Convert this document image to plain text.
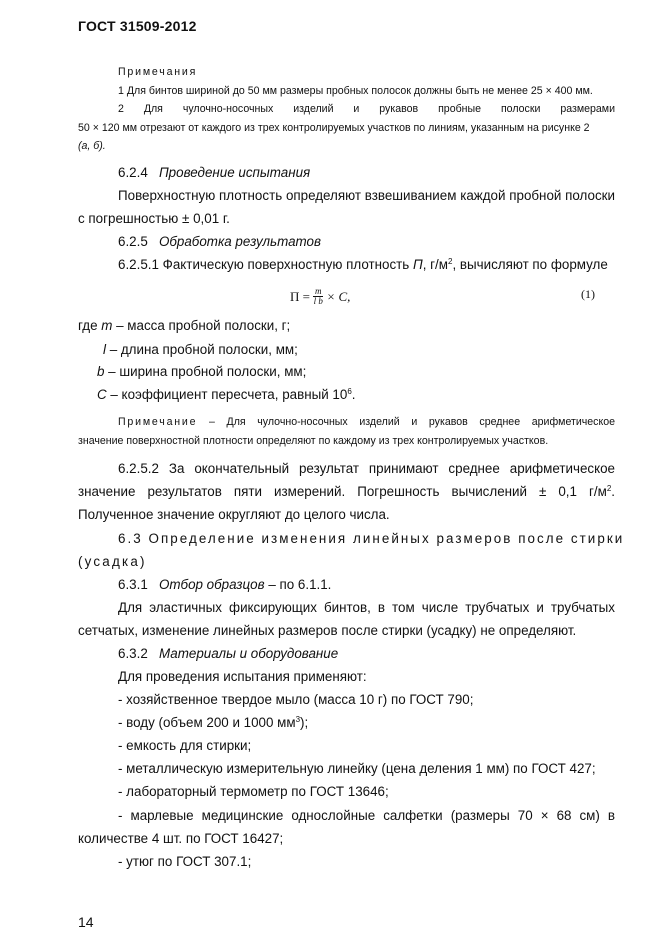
ГОСТ 31509-2012
Примечания
1 Для бинтов шириной до 50 мм размеры пробных полосок должны быть не менее 25 × 400 мм.
2 Для чулочно-носочных изделий и рукавов пробные полоски размерами
50 × 120 мм отрезают от каждого из трех контролируемых участков по линиям, указанным на рисунке 2
(а, б).
6.2.4 Проведение испытания
Поверхностную плотность определяют взвешиванием каждой пробной полоски
с погрешностью ± 0,01 г.
6.2.5 Обработка результатов
6.2.5.1 Фактическую поверхностную плотность П, $г/м^2$, вычисляют по формуле
$П = \frac{m}{\text{l b}} \times C$,	(1)
где m – масса пробной полоски, г;
l – длина пробной полоски, мм;
b – ширина пробной полоски, мм;
C – коэффициент пересчета, равный $10^6$.
Примечание – Для чулочно-носочных изделий и рукавов среднее арифметическое
значение поверхностной плотности определяют по каждому из трех контролируемых участков.
6.2.5.2 За окончательный результат принимают среднее арифметическое
значение результатов пяти измерений. Погрешность вычислений ± 0,1 $г/м^2$.
Полученное значение округляют до целого числа.
6.3 Определение изменения линейных размеров после стирки
(усадка)
6.3.1 Отбор образцов – по 6.1.1.
Для эластичных фиксирующих бинтов, в том числе трубчатых и трубчатых
сетчатых, изменение линейных размеров после стирки (усадку) не определяют.
6.3.2 Материалы и оборудование
Для проведения испытания применяют:
- хозяйственное твердое мыло (масса 10 г) по ГОСТ 790;
- воду (объем 200 и 1000 $мм^3$);
- емкость для стирки;
- металлическую измерительную линейку (цена деления 1 мм) по ГОСТ 427;
- лабораторный термометр по ГОСТ 13646;
- марлевые медицинские однослойные салфетки (размеры 70 × 68 см) в
количестве 4 шт. по ГОСТ 16427;
- утюг по ГОСТ 307.1;
14
